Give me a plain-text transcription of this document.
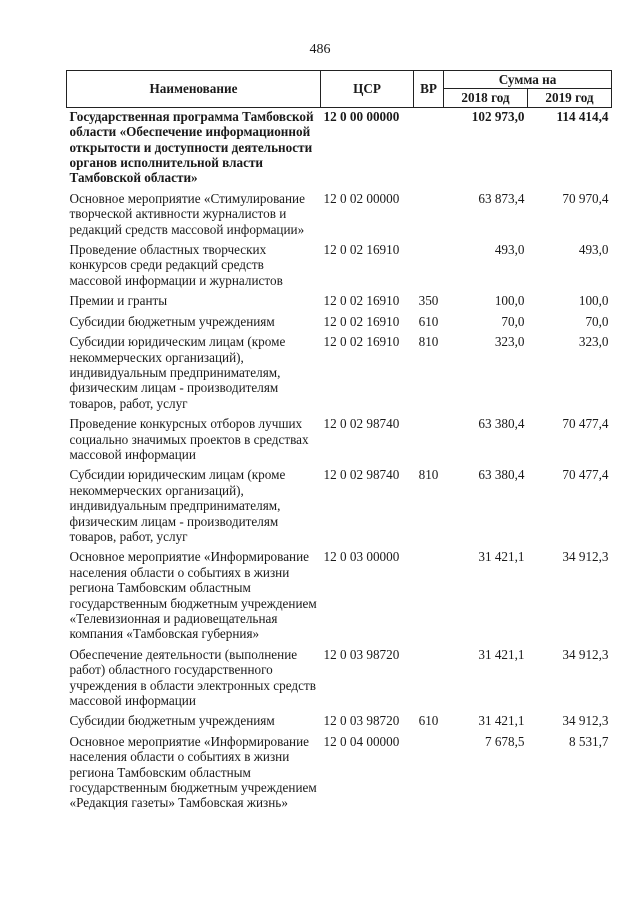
486
Наименование	ЦСР	ВР	Сумма на	
			2018 год	2019 год
Государственная программа Тамбовской области «Обеспечение информационной открытости и доступности деятельности органов исполнительной власти Тамбовской области»	12 0 00 00000		102 973,0	114 414,4
Основное мероприятие «Стимулирование творческой активности журналистов и редакций средств массовой информации»	12 0 02 00000		63 873,4	70 970,4
Проведение областных творческих конкурсов среди редакций средств массовой информации и журналистов	12 0 02 16910		493,0	493,0
Премии и гранты	12 0 02 16910	350	100,0	100,0
Субсидии бюджетным учреждениям	12 0 02 16910	610	70,0	70,0
Субсидии юридическим лицам (кроме некоммерческих организаций), индивидуальным предпринимателям, физическим лицам - производителям товаров, работ, услуг	12 0 02 16910	810	323,0	323,0
Проведение конкурсных отборов лучших социально значимых проектов в средствах массовой информации	12 0 02 98740		63 380,4	70 477,4
Субсидии юридическим лицам (кроме некоммерческих организаций), индивидуальным предпринимателям, физическим лицам - производителям товаров, работ, услуг	12 0 02 98740	810	63 380,4	70 477,4
Основное мероприятие «Информирование населения области о событиях в жизни региона Тамбовским областным государственным бюджетным учреждением «Телевизионная и радиовещательная компания «Тамбовская губерния»	12 0 03 00000		31 421,1	34 912,3
Обеспечение деятельности (выполнение работ) областного государственного учреждения в области электронных средств массовой информации	12 0 03 98720		31 421,1	34 912,3
Субсидии бюджетным учреждениям	12 0 03 98720	610	31 421,1	34 912,3
Основное мероприятие «Информирование населения области о событиях в жизни региона Тамбовским областным государственным бюджетным учреждением «Редакция газеты» Тамбовская жизнь»	12 0 04 00000		7 678,5	8 531,7
